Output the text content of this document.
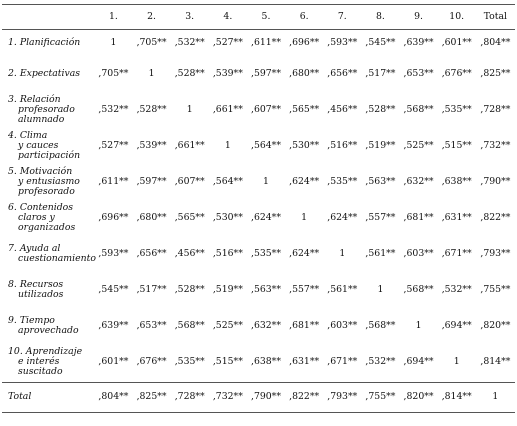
	1.	2.	3.	4.	5.	6.	7.	8.	9.	10.	Total

1. Planificación	1	,705**	,532**	,527**	,611**	,696**	,593**	,545**	,639**	,601**	,804**

2. Expectativas	,705**	1	,528**	,539**	,597**	,680**	,656**	,517**	,653**	,676**	,825**

3. Relación
profesorado
alumnado	,532**	,528**	1	,661**	,607**	,565**	,456**	,528**	,568**	,535**	,728**

4. Clima
y cauces
participación	,527**	,539**	,661**	1	,564**	,530**	,516**	,519**	,525**	,515**	,732**

5. Motivación
y entusiasmo
profesorado	,611**	,597**	,607**	,564**	1	,624**	,535**	,563**	,632**	,638**	,790**

6. Contenidos
claros y
organizados	,696**	,680**	,565**	,530**	,624**	1	,624**	,557**	,681**	,631**	,822**

7. Ayuda al
cuestionamiento	,593**	,656**	,456**	,516**	,535**	,624**	1	,561**	,603**	,671**	,793**

8. Recursos
utilizados	,545**	,517**	,528**	,519**	,563**	,557**	,561**	1	,568**	,532**	,755**

9. Tiempo
aprovechado	,639**	,653**	,568**	,525**	,632**	,681**	,603**	,568**	1	,694**	,820**

10. Aprendizaje
e interés
suscitado	,601**	,676**	,535**	,515**	,638**	,631**	,671**	,532**	,694**	1	,814**

Total	,804**	,825**	,728**	,732**	,790**	,822**	,793**	,755**	,820**	,814**	1
